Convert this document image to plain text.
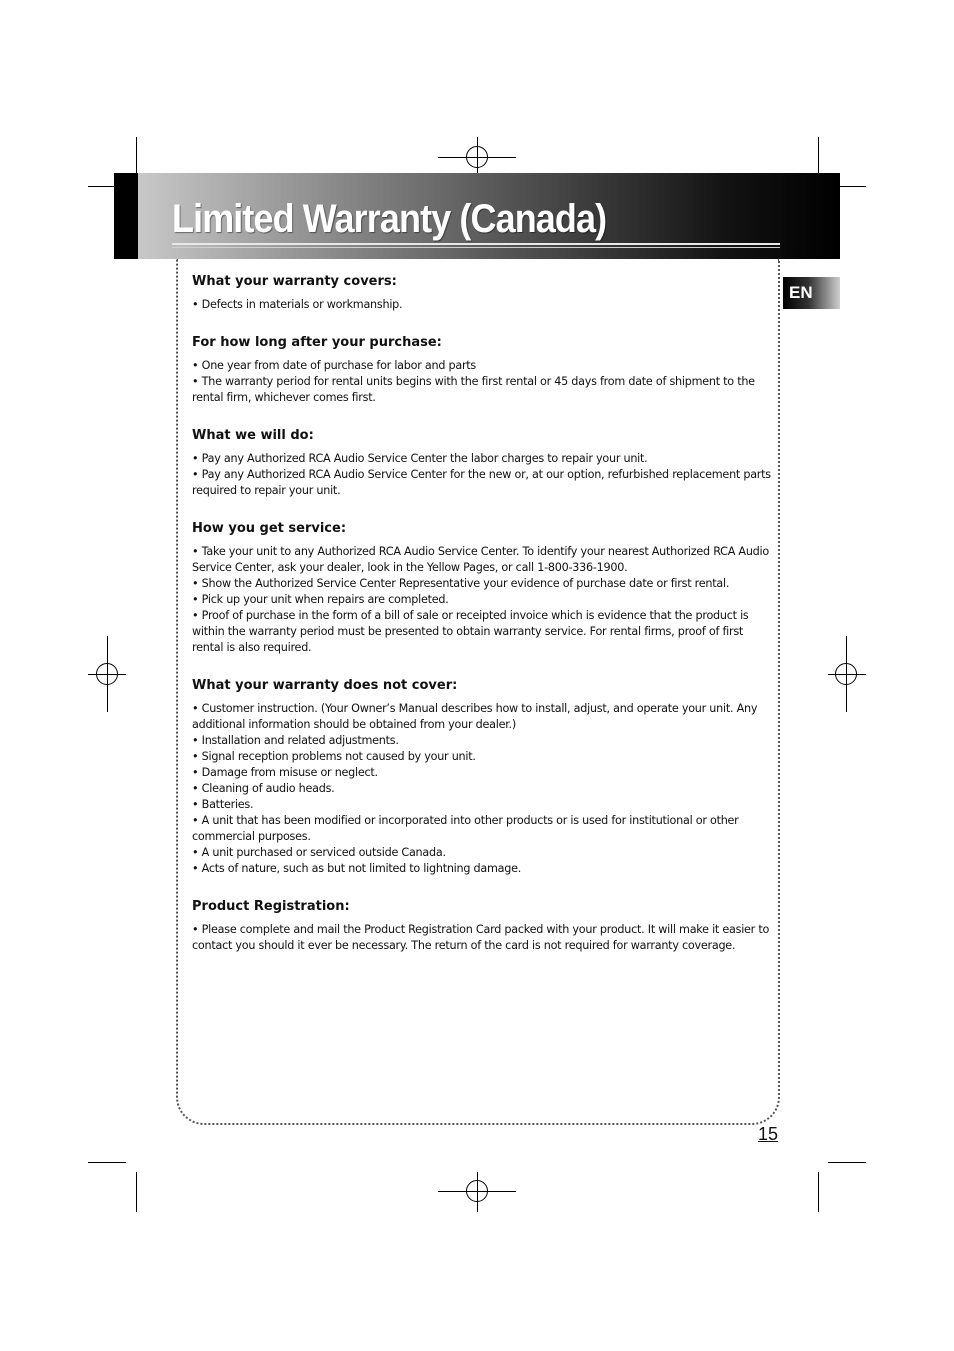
Limited Warranty (Canada)
EN
What your warranty covers:
• Defects in materials or workmanship.
For how long after your purchase:
• One year from date of purchase for labor and parts
• The warranty period for rental units begins with the first rental or 45 days from date of shipment to the rental firm, whichever comes first.
What we will do:
• Pay any Authorized RCA Audio Service Center the labor charges to repair your unit.
• Pay any Authorized RCA Audio Service Center for the new or, at our option, refurbished replacement parts required to repair your unit.
How you get service:
• Take your unit to any Authorized RCA Audio Service Center. To identify your nearest Authorized RCA Audio Service Center, ask your dealer, look in the Yellow Pages, or call 1-800-336-1900.
• Show the Authorized Service Center Representative your evidence of purchase date or first rental.
• Pick up your unit when repairs are completed.
• Proof of purchase in the form of a bill of sale or receipted invoice which is evidence that the product is within the warranty period must be presented to obtain warranty service. For rental firms, proof of first rental is also required.
What your warranty does not cover:
• Customer instruction. (Your Owner’s Manual describes how to install, adjust, and operate your unit. Any additional information should be obtained from your dealer.)
• Installation and related adjustments.
• Signal reception problems not caused by your unit.
• Damage from misuse or neglect.
• Cleaning of audio heads.
• Batteries.
• A unit that has been modified or incorporated into other products or is used for institutional or other commercial purposes.
• A unit purchased or serviced outside Canada.
• Acts of nature, such as but not limited to lightning damage.
Product Registration:
• Please complete and mail the Product Registration Card packed with your product. It will make it easier to contact you should it ever be necessary. The return of the card is not required for warranty coverage.
15
